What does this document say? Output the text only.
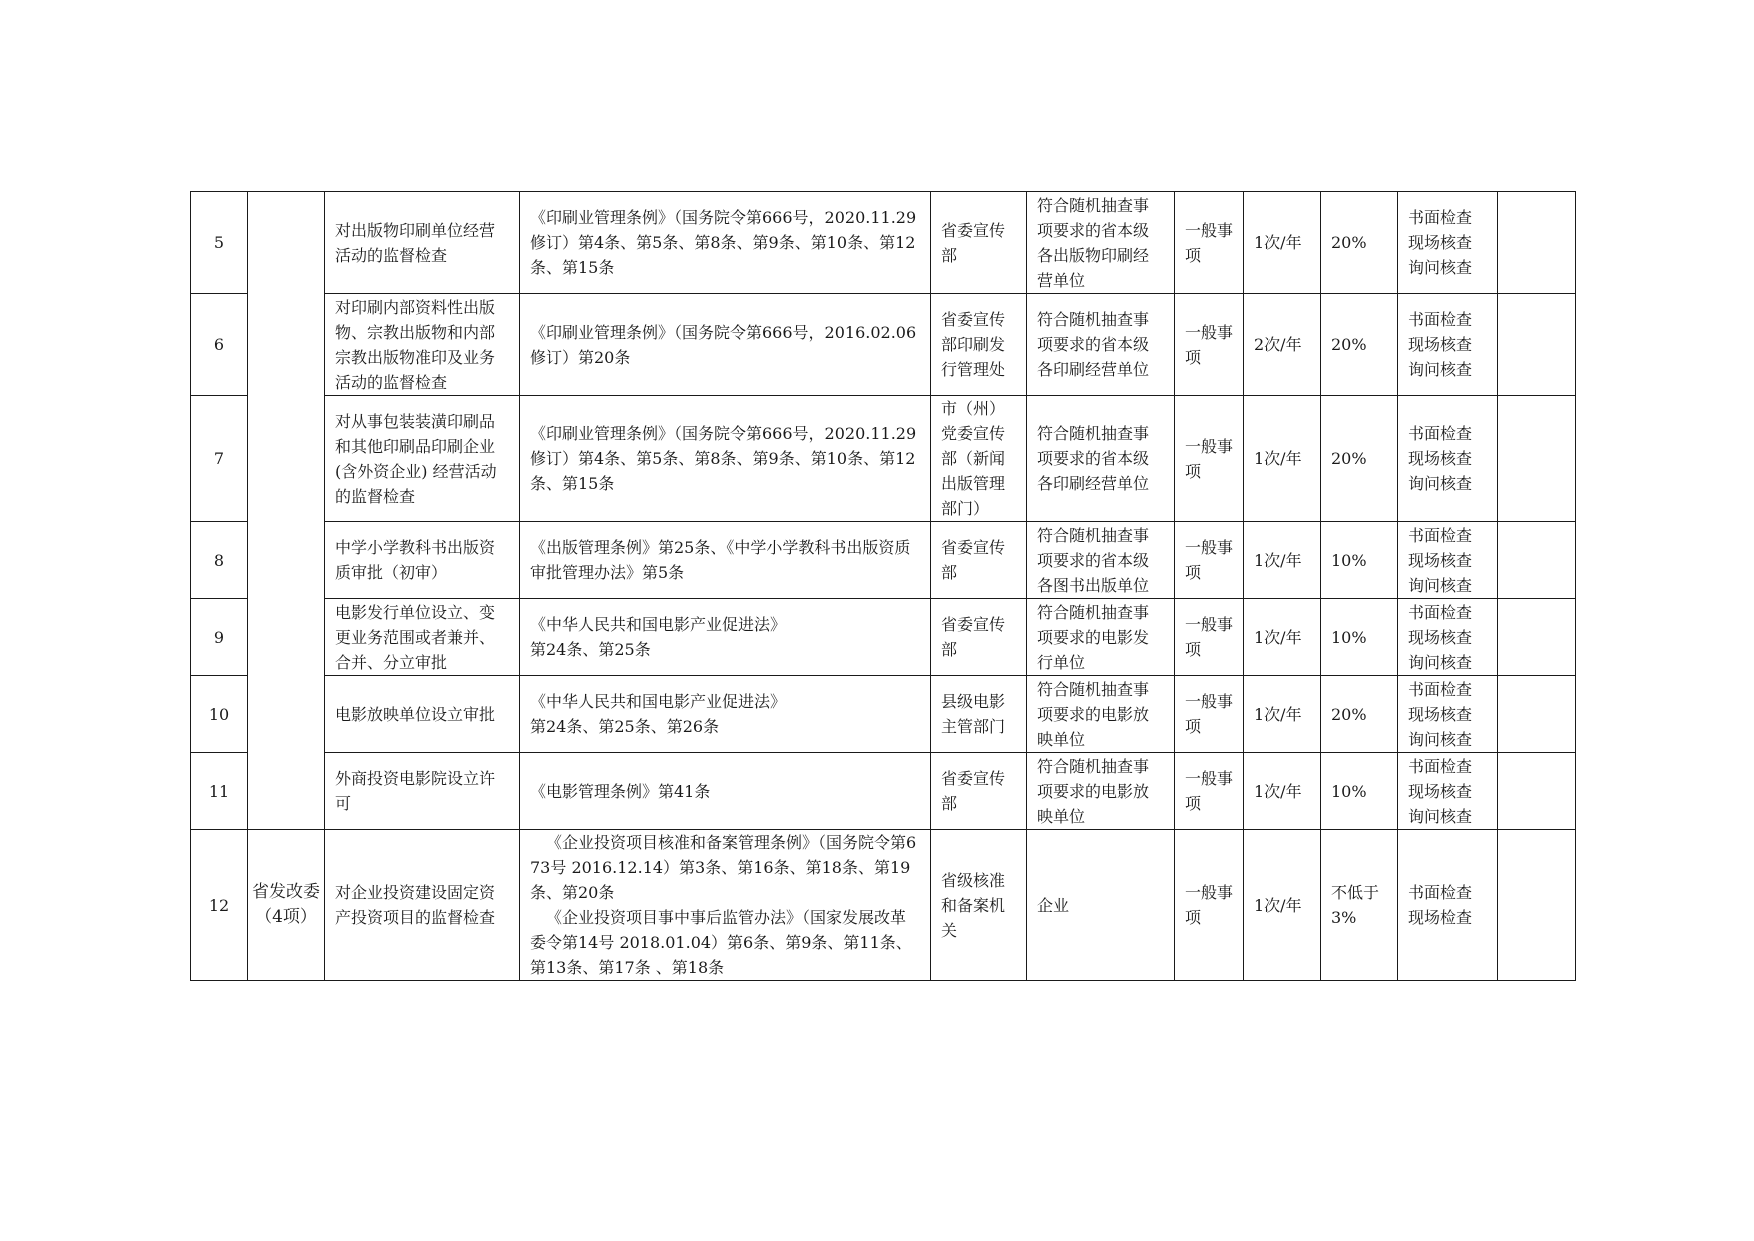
5		对出版物印刷单位经营活动的监督检查	《印刷业管理条例》（国务院令第666号，2020.11.29修订）第4条、第5条、第8条、第9条、第10条、第12条、第15条	省委宣传部	符合随机抽查事项要求的省本级各出版物印刷经营单位	一般事项	1次/年	20%	书面检查
现场核查
询问核查	

6		对印刷内部资料性出版物、宗教出版物和内部宗教出版物准印及业务活动的监督检查	《印刷业管理条例》（国务院令第666号，2016.02.06修订）第20条	省委宣传部印刷发行管理处	符合随机抽查事项要求的省本级各印刷经营单位	一般事项	2次/年	20%	书面检查
现场核查
询问核查	

7		对从事包装装潢印刷品和其他印刷品印刷企业(含外资企业) 经营活动的监督检查	《印刷业管理条例》（国务院令第666号，2020.11.29修订）第4条、第5条、第8条、第9条、第10条、第12条、第15条	市（州）党委宣传部（新闻出版管理部门）	符合随机抽查事项要求的省本级各印刷经营单位	一般事项	1次/年	20%	书面检查
现场核查
询问核查	

8		中学小学教科书出版资质审批（初审）	《出版管理条例》第25条、《中学小学教科书出版资质审批管理办法》第5条	省委宣传部	符合随机抽查事项要求的省本级各图书出版单位	一般事项	1次/年	10%	书面检查
现场核查
询问核查	

9		电影发行单位设立、变更业务范围或者兼并、合并、分立审批	《中华人民共和国电影产业促进法》
第24条、第25条	省委宣传部	符合随机抽查事项要求的电影发行单位	一般事项	1次/年	10%	书面检查
现场核查
询问核查	

10		电影放映单位设立审批	《中华人民共和国电影产业促进法》
第24条、第25条、第26条	县级电影主管部门	符合随机抽查事项要求的电影放映单位	一般事项	1次/年	20%	书面检查
现场核查
询问核查	

11		外商投资电影院设立许可	《电影管理条例》第41条	省委宣传部	符合随机抽查事项要求的电影放映单位	一般事项	1次/年	10%	书面检查
现场核查
询问核查	

12	省发改委（4项）	对企业投资建设固定资产投资项目的监督检查	《企业投资项目核准和备案管理条例》（国务院令第673号 2016.12.14）第3条、第16条、第18条、第19条、第20条
《企业投资项目事中事后监管办法》（国家发展改革委令第14号 2018.01.04）第6条、第9条、第11条、第13条、第17条 、第18条	省级核准和备案机关	企业	一般事项	1次/年	不低于3%	书面检查
现场检查	
